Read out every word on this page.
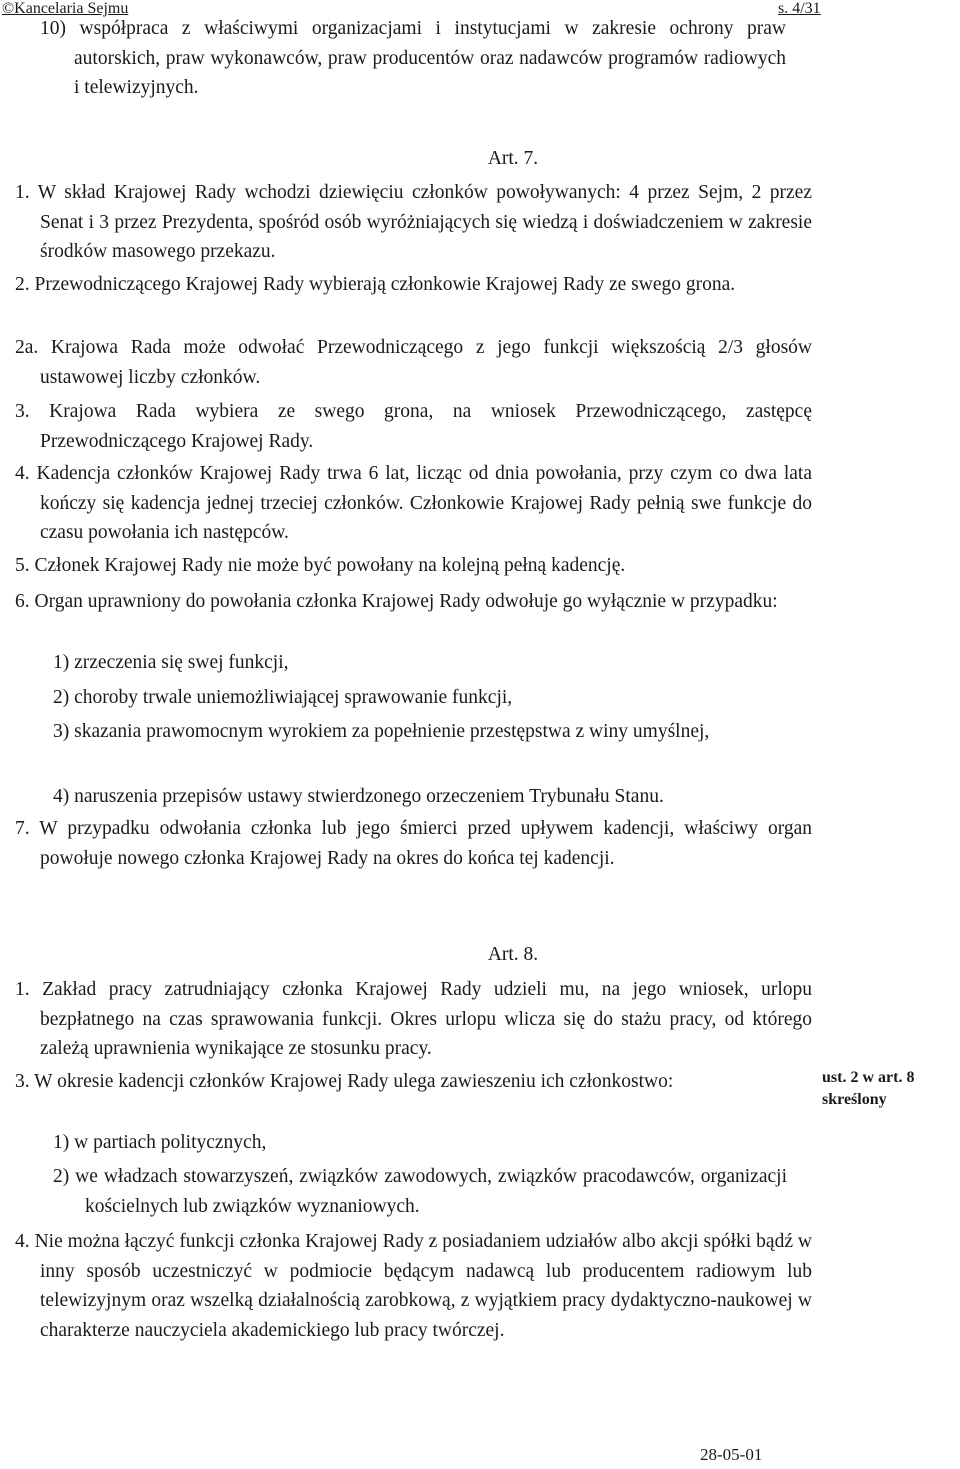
©Kancelaria Sejmu	s. 4/31

10) współpraca z właściwymi organizacjami i instytucjami w zakresie ochrony praw autorskich, praw wykonawców, praw producentów oraz nadawców programów radiowych i telewizyjnych.

Art. 7.

1. W skład Krajowej Rady wchodzi dziewięciu członków powoływanych: 4 przez Sejm, 2 przez Senat i 3 przez Prezydenta, spośród osób wyróżniających się wiedzą i doświadczeniem w zakresie środków masowego przekazu.

2. Przewodniczącego Krajowej Rady wybierają członkowie Krajowej Rady ze swego grona.

2a. Krajowa Rada może odwołać Przewodniczącego z jego funkcji większością 2/3 głosów ustawowej liczby członków.

3. Krajowa Rada wybiera ze swego grona, na wniosek Przewodniczącego, zastępcę Przewodniczącego Krajowej Rady.

4. Kadencja członków Krajowej Rady trwa 6 lat, licząc od dnia powołania, przy czym co dwa lata kończy się kadencja jednej trzeciej członków. Członkowie Krajowej Rady pełnią swe funkcje do czasu powołania ich następców.

5. Członek Krajowej Rady nie może być powołany na kolejną pełną kadencję.

6. Organ uprawniony do powołania członka Krajowej Rady odwołuje go wyłącznie w przypadku:

1) zrzeczenia się swej funkcji,

2) choroby trwale uniemożliwiającej sprawowanie funkcji,

3) skazania prawomocnym wyrokiem za popełnienie przestępstwa z winy umyślnej,

4) naruszenia przepisów ustawy stwierdzonego orzeczeniem Trybunału Stanu.

7. W przypadku odwołania członka lub jego śmierci przed upływem kadencji, właściwy organ powołuje nowego członka Krajowej Rady na okres do końca tej kadencji.

Art. 8.

1. Zakład pracy zatrudniający członka Krajowej Rady udzieli mu, na jego wniosek, urlopu bezpłatnego na czas sprawowania funkcji. Okres urlopu wlicza się do stażu pracy, od którego zależą uprawnienia wynikające ze stosunku pracy.

3. W okresie kadencji członków Krajowej Rady ulega zawieszeniu ich członkostwo:

1) w partiach politycznych,

2) we władzach stowarzyszeń, związków zawodowych, związków pracodawców, organizacji kościelnych lub związków wyznaniowych.

4. Nie można łączyć funkcji członka Krajowej Rady z posiadaniem udziałów albo akcji spółki bądź w inny sposób uczestniczyć w podmiocie będącym nadawcą lub producentem radiowym lub telewizyjnym oraz wszelką działalnością zarobkową, z wyjątkiem pracy dydaktyczno-naukowej w charakterze nauczyciela akademickiego lub pracy twórczej.

ust. 2 w art. 8 skreślony
28-05-01
